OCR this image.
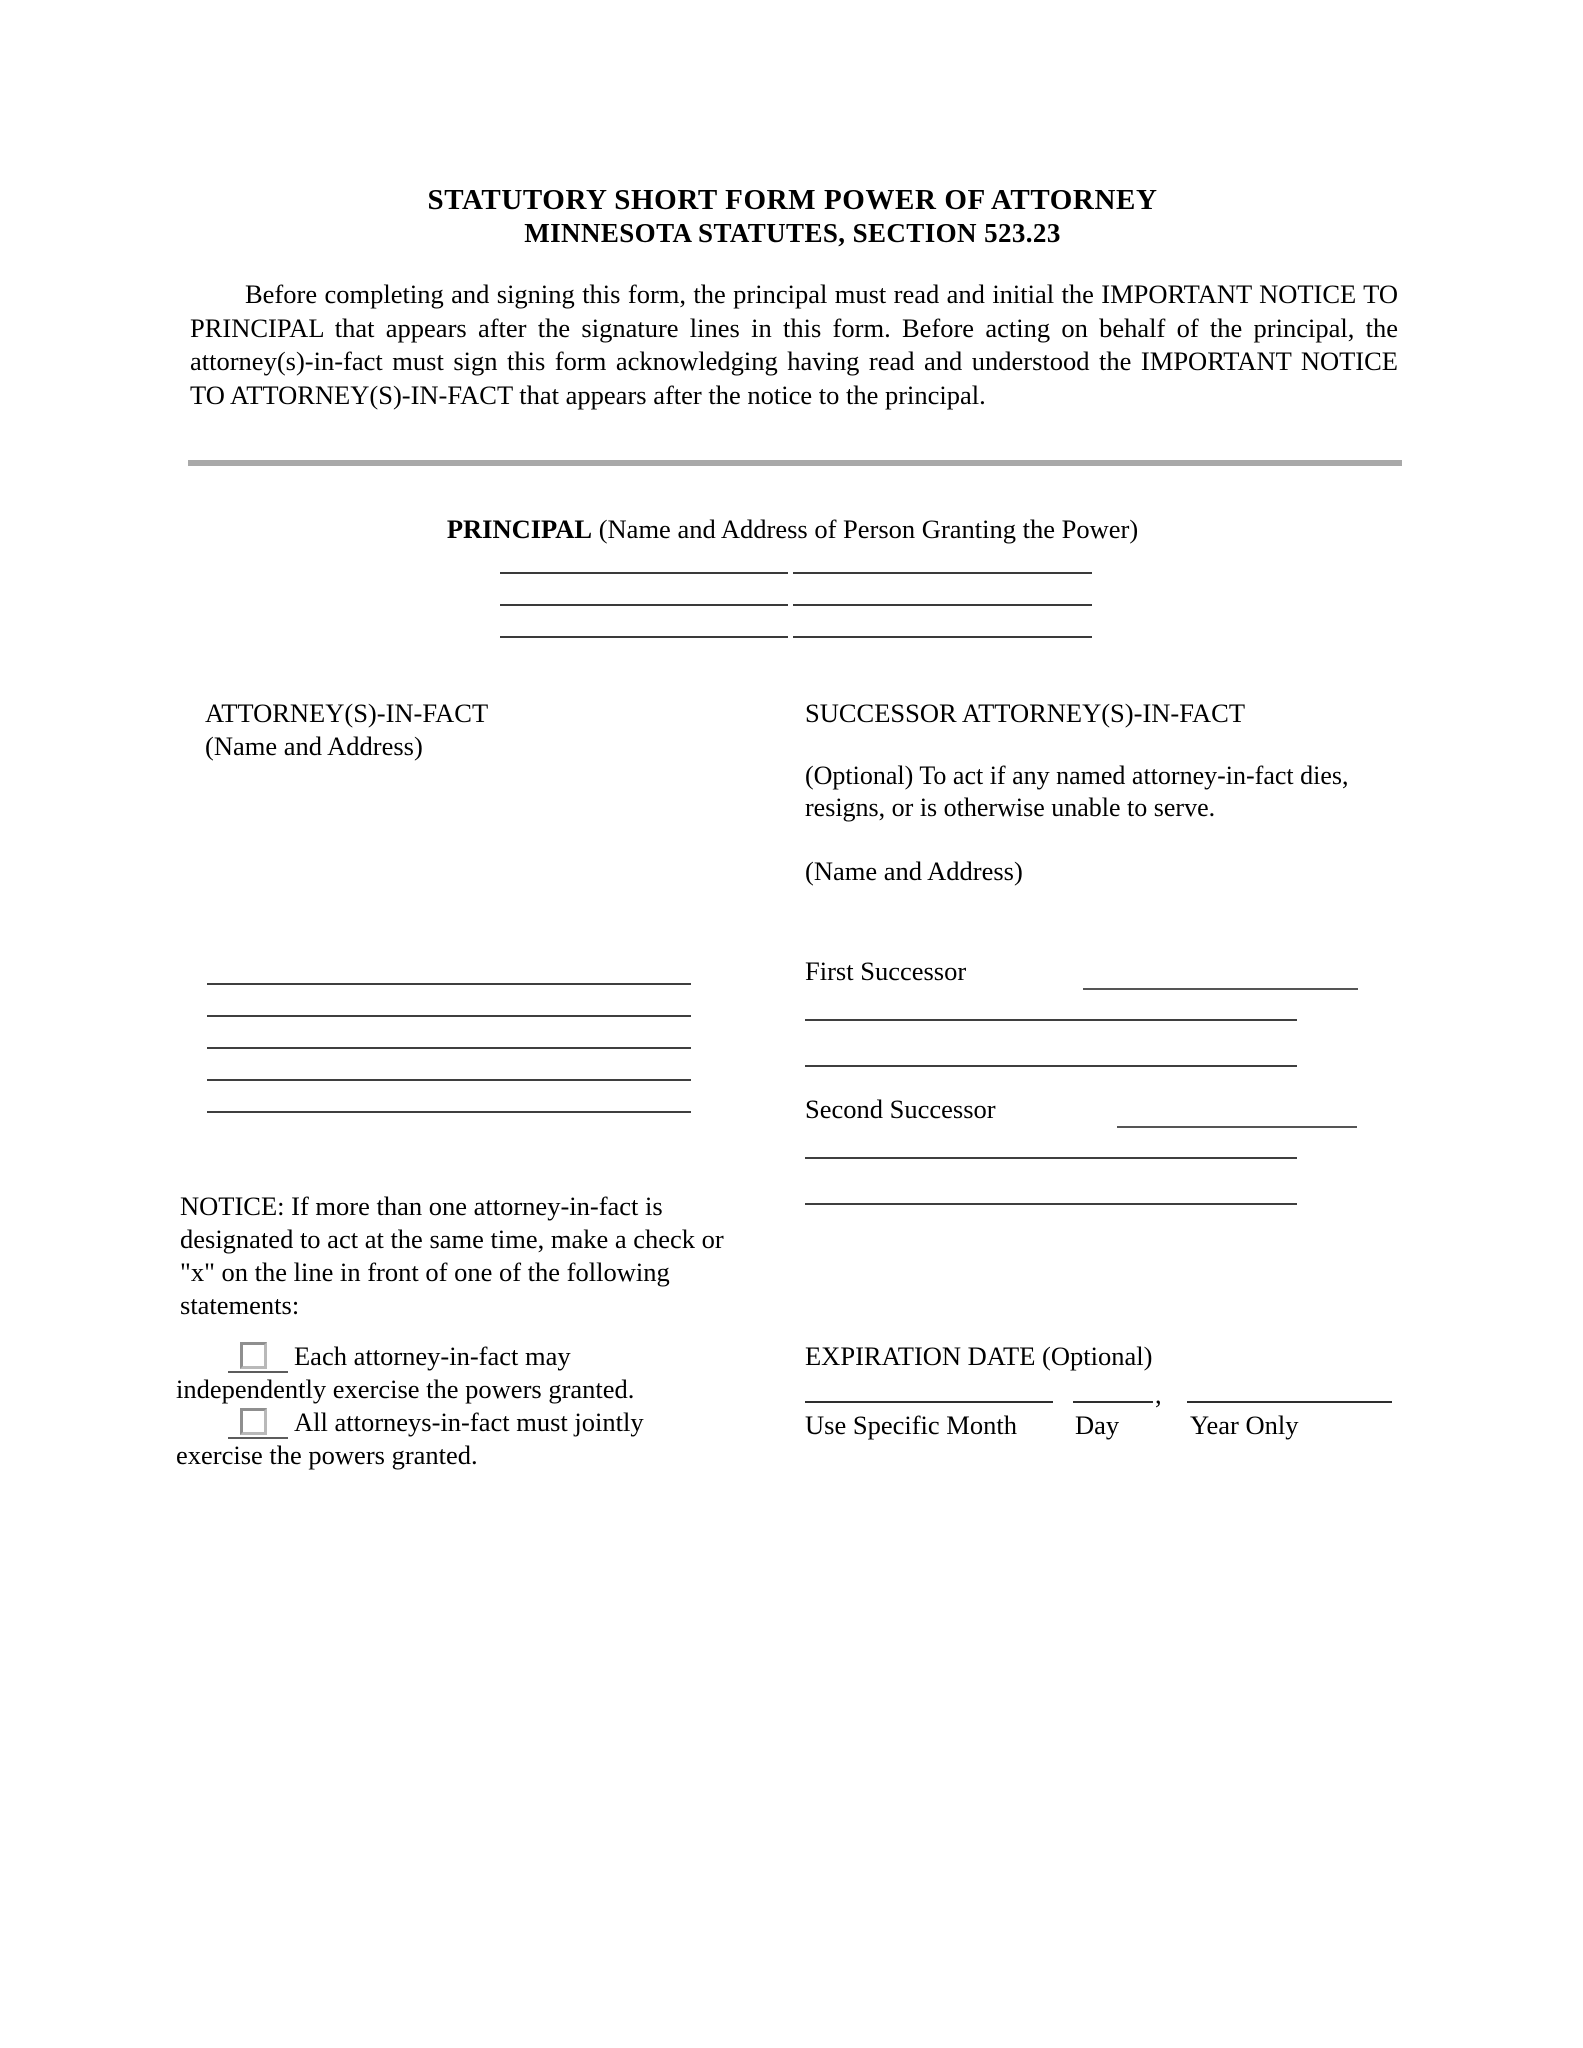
STATUTORY SHORT FORM POWER OF ATTORNEY
MINNESOTA STATUTES, SECTION 523.23
Before completing and signing this form, the principal must read and initial the IMPORTANT NOTICE TO PRINCIPAL that appears after the signature lines in this form. Before acting on behalf of the principal, the attorney(s)-in-fact must sign this form acknowledging having read and understood the IMPORTANT NOTICE TO ATTORNEY(S)-IN-FACT that appears after the notice to the principal.
PRINCIPAL (Name and Address of Person Granting the Power)
ATTORNEY(S)-IN-FACT
(Name and Address)
SUCCESSOR ATTORNEY(S)-IN-FACT
(Optional) To act if any named attorney-in-fact dies, resigns, or is otherwise unable to serve.
(Name and Address)
First Successor
Second Successor
NOTICE: If more than one attorney-in-fact is designated to act at the same time, make a check or "x" on the line in front of one of the following statements:
Each attorney-in-fact may
independently exercise the powers granted.
All attorneys-in-fact must jointly
exercise the powers granted.
EXPIRATION DATE (Optional)
,
Use Specific Month Day	Year Only
